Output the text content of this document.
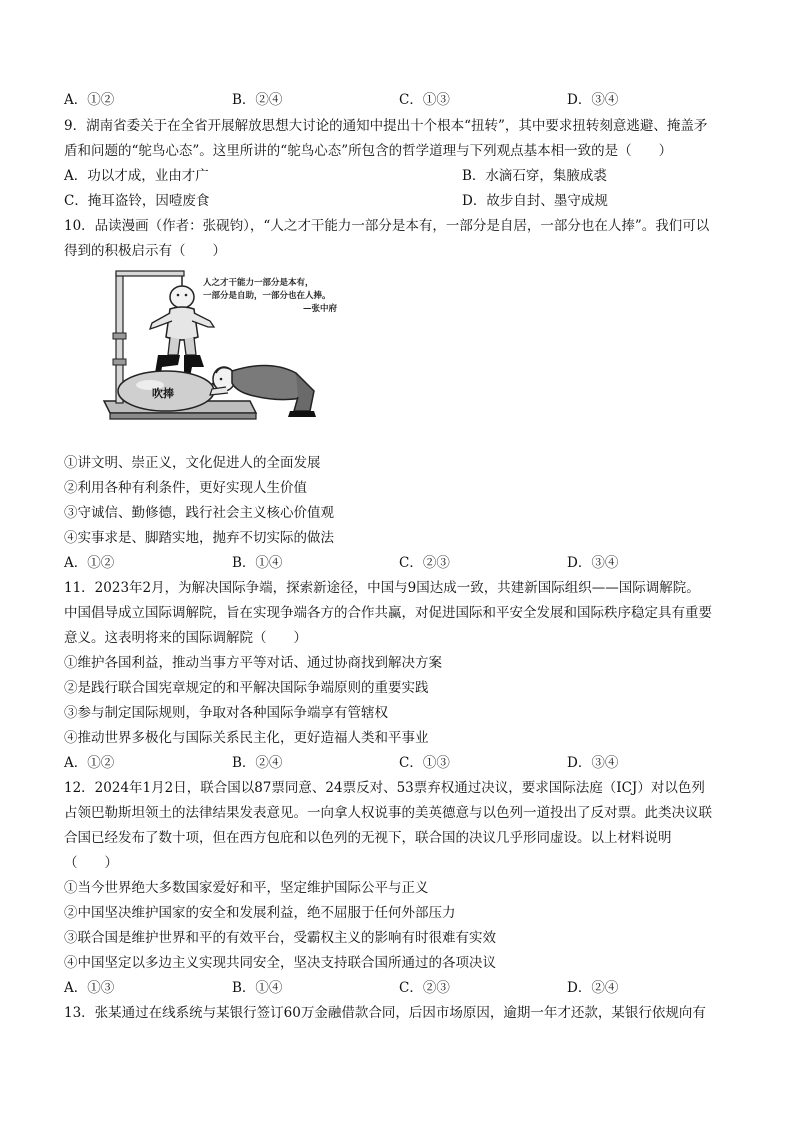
A．①②	B．②④	C．①③	D．③④
9．湖南省委关于在全省开展解放思想大讨论的通知中提出十个根本“扭转”，其中要求扭转刻意逃避、掩盖矛
盾和问题的“鸵鸟心态”。这里所讲的“鸵鸟心态”所包含的哲学道理与下列观点基本相一致的是（　　）
A．功以才成，业由才广	B．水滴石穿，集腋成裘
C．掩耳盗铃，因噎废食	D．故步自封、墨守成规
10．品读漫画（作者：张砚钧），“人之才干能力一部分是本有，一部分是自居，一部分也在人捧”。我们可以
得到的积极启示有（　　）
吹捧
人之才干能力一部分是本有，
一部分是自助，一部分也在人捧。
—张中府
①讲文明、崇正义，文化促进人的全面发展
②利用各种有利条件，更好实现人生价值
③守诚信、勤修德，践行社会主义核心价值观
④实事求是、脚踏实地，抛弃不切实际的做法
A．①②	B．①④	C．②③	D．③④
11．2023年2月，为解决国际争端，探索新途径，中国与9国达成一致，共建新国际组织——国际调解院。
中国倡导成立国际调解院，旨在实现争端各方的合作共赢，对促进国际和平安全发展和国际秩序稳定具有重要
意义。这表明将来的国际调解院（　　）
①维护各国利益，推动当事方平等对话、通过协商找到解决方案
②是践行联合国宪章规定的和平解决国际争端原则的重要实践
③参与制定国际规则，争取对各种国际争端享有管辖权
④推动世界多极化与国际关系民主化，更好造福人类和平事业
A．①②	B．②④	C．①③	D．③④
12．2024年1月2日，联合国以87票同意、24票反对、53票弃权通过决议，要求国际法庭（ICJ）对以色列
占领巴勒斯坦领土的法律结果发表意见。一向拿人权说事的美英德意与以色列一道投出了反对票。此类决议联
合国已经发布了数十项，但在西方包庇和以色列的无视下，联合国的决议几乎形同虚设。以上材料说明
（　　）
①当今世界绝大多数国家爱好和平，坚定维护国际公平与正义
②中国坚决维护国家的安全和发展利益，绝不屈服于任何外部压力
③联合国是维护世界和平的有效平台，受霸权主义的影响有时很难有实效
④中国坚定以多边主义实现共同安全，坚决支持联合国所通过的各项决议
A．①③	B．①④	C．②③	D．②④
13．张某通过在线系统与某银行签订60万金融借款合同，后因市场原因，逾期一年才还款，某银行依规向有
